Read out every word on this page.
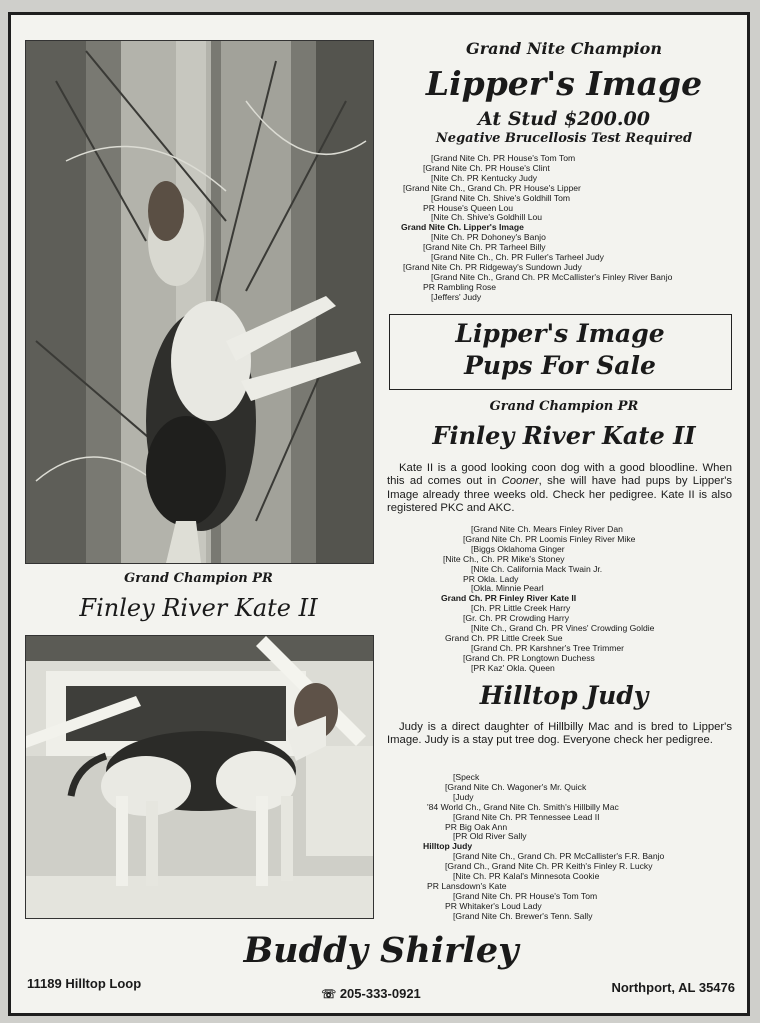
Grand Champion PR
Finley River Kate II
Grand Nite Champion
Lipper's Image
At Stud $200.00
Negative Brucellosis Test Required
[Grand Nite Ch. PR House's Tom Tom
[Grand Nite Ch. PR House's Clint
[Nite Ch. PR Kentucky Judy
[Grand Nite Ch., Grand Ch. PR House's Lipper
[Grand Nite Ch. Shive's Goldhill Tom
PR House's Queen Lou
[Nite Ch. Shive's Goldhill Lou
Grand Nite Ch. Lipper's Image
[Nite Ch. PR Dohoney's Banjo
[Grand Nite Ch. PR Tarheel Billy
[Grand Nite Ch., Ch. PR Fuller's Tarheel Judy
[Grand Nite Ch. PR Ridgeway's Sundown Judy
[Grand Nite Ch., Grand Ch. PR McCallister's Finley River Banjo
PR Rambling Rose
[Jeffers' Judy
Lipper's Image
Pups For Sale
Grand Champion PR
Finley River Kate II
Kate II is a good looking coon dog with a good bloodline. When this ad comes out in Cooner, she will have had pups by Lipper's Image already three weeks old. Check her pedigree. Kate II is also registered PKC and AKC.
[Grand Nite Ch. Mears Finley River Dan
[Grand Nite Ch. PR Loomis Finley River Mike
[Biggs Oklahoma Ginger
[Nite Ch., Ch. PR Mike's Stoney
[Nite Ch. California Mack Twain Jr.
PR Okla. Lady
[Okla. Minnie Pearl
Grand Ch. PR Finley River Kate II
[Ch. PR Little Creek Harry
[Gr. Ch. PR Crowding Harry
[Nite Ch., Grand Ch. PR Vines' Crowding Goldie
Grand Ch. PR Little Creek Sue
[Grand Ch. PR Karshner's Tree Trimmer
[Grand Ch. PR Longtown Duchess
[PR Kaz' Okla. Queen
Hilltop Judy
Judy is a direct daughter of Hillbilly Mac and is bred to Lipper's Image. Judy is a stay put tree dog. Everyone check her pedigree.
[Speck
[Grand Nite Ch. Wagoner's Mr. Quick
[Judy
'84 World Ch., Grand Nite Ch. Smith's Hillbilly Mac
[Grand Nite Ch. PR Tennessee Lead II
PR Big Oak Ann
[PR Old River Sally
Hilltop Judy
[Grand Nite Ch., Grand Ch. PR McCallister's F.R. Banjo
[Grand Ch., Grand Nite Ch. PR Keith's Finley R. Lucky
[Nite Ch. PR Kalal's Minnesota Cookie
PR Lansdown's Kate
[Grand Nite Ch. PR House's Tom Tom
PR Whitaker's Loud Lady
[Grand Nite Ch. Brewer's Tenn. Sally
Buddy Shirley
11189 Hilltop Loop	Northport, AL 35476
☏ 205-333-0921
